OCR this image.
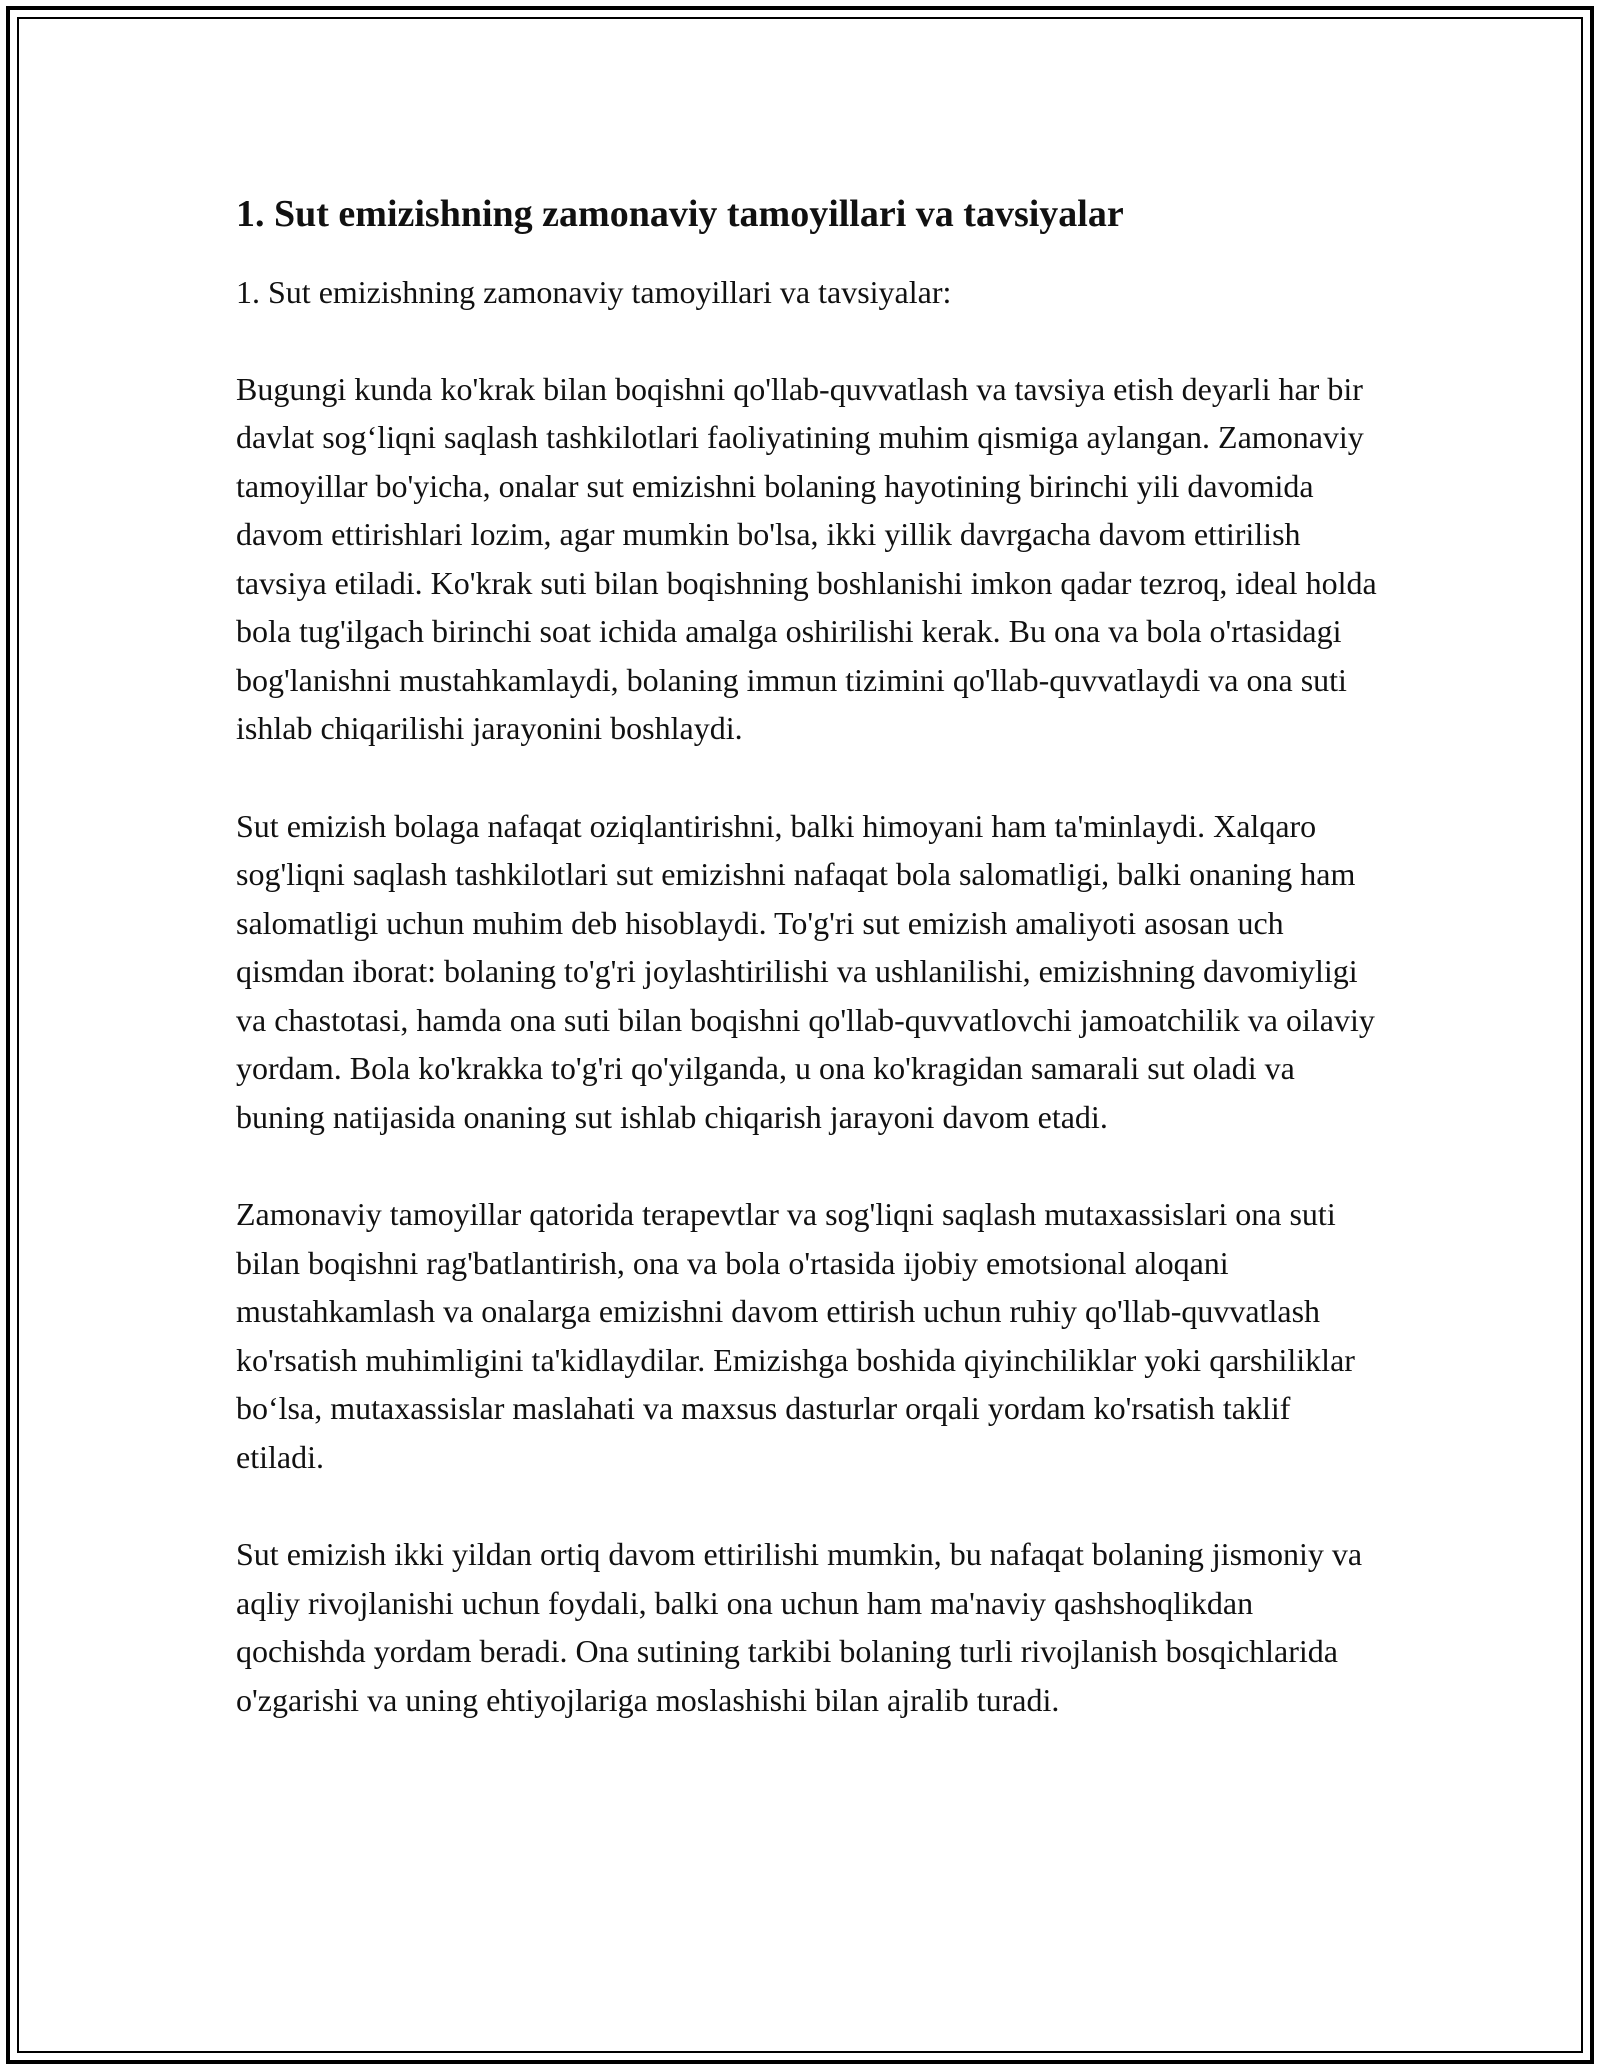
1. Sut emizishning zamonaviy tamoyillari va tavsiyalar

1. Sut emizishning zamonaviy tamoyillari va tavsiyalar:

Bugungi kunda ko'krak bilan boqishni qo'llab-quvvatlash va tavsiya etish deyarli har bir davlat sog‘liqni saqlash tashkilotlari faoliyatining muhim qismiga aylangan. Zamonaviy tamoyillar bo'yicha, onalar sut emizishni bolaning hayotining birinchi yili davomida davom ettirishlari lozim, agar mumkin bo'lsa, ikki yillik davrgacha davom ettirilish tavsiya etiladi. Ko'krak suti bilan boqishning boshlanishi imkon qadar tezroq, ideal holda bola tug'ilgach birinchi soat ichida amalga oshirilishi kerak. Bu ona va bola o'rtasidagi bog'lanishni mustahkamlaydi, bolaning immun tizimini qo'llab-quvvatlaydi va ona suti ishlab chiqarilishi jarayonini boshlaydi.

Sut emizish bolaga nafaqat oziqlantirishni, balki himoyani ham ta'minlaydi. Xalqaro sog'liqni saqlash tashkilotlari sut emizishni nafaqat bola salomatligi, balki onaning ham salomatligi uchun muhim deb hisoblaydi. To'g'ri sut emizish amaliyoti asosan uch qismdan iborat: bolaning to'g'ri joylashtirilishi va ushlanilishi, emizishning davomiyligi va chastotasi, hamda ona suti bilan boqishni qo'llab-quvvatlovchi jamoatchilik va oilaviy yordam. Bola ko'krakka to'g'ri qo'yilganda, u ona ko'kragidan samarali sut oladi va buning natijasida onaning sut ishlab chiqarish jarayoni davom etadi.

Zamonaviy tamoyillar qatorida terapevtlar va sog'liqni saqlash mutaxassislari ona suti bilan boqishni rag'batlantirish, ona va bola o'rtasida ijobiy emotsional aloqani mustahkamlash va onalarga emizishni davom ettirish uchun ruhiy qo'llab-quvvatlash ko'rsatish muhimligini ta'kidlaydilar. Emizishga boshida qiyinchiliklar yoki qarshiliklar bo‘lsa, mutaxassislar maslahati va maxsus dasturlar orqali yordam ko'rsatish taklif etiladi.

Sut emizish ikki yildan ortiq davom ettirilishi mumkin, bu nafaqat bolaning jismoniy va aqliy rivojlanishi uchun foydali, balki ona uchun ham ma'naviy qashshoqlikdan qochishda yordam beradi. Ona sutining tarkibi bolaning turli rivojlanish bosqichlarida o'zgarishi va uning ehtiyojlariga moslashishi bilan ajralib turadi.
